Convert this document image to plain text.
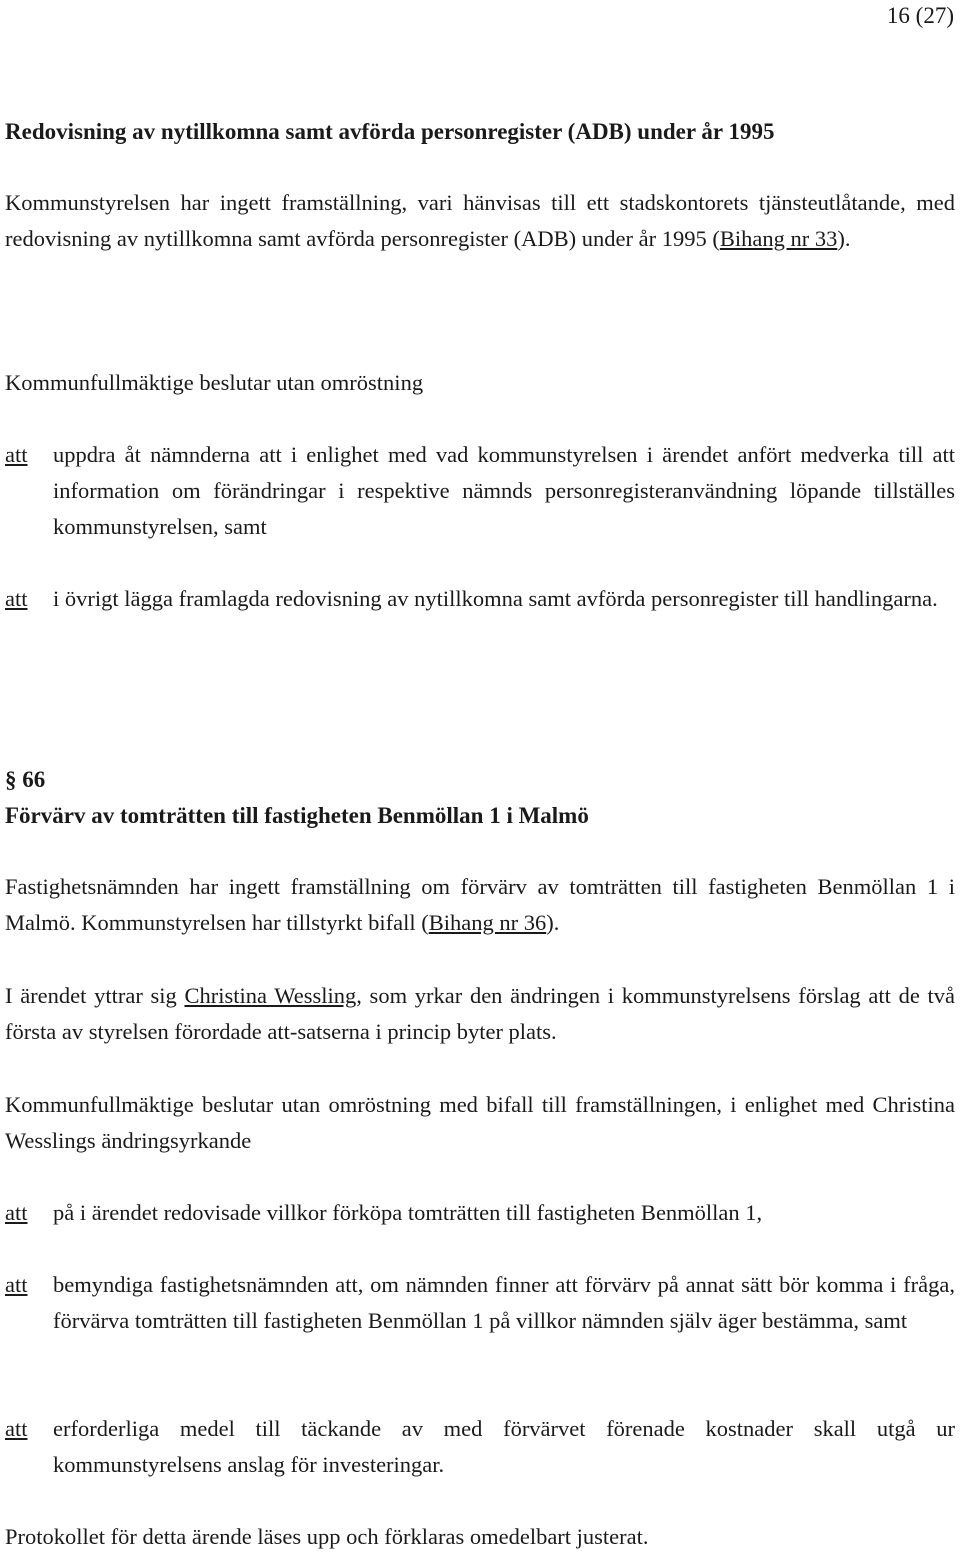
16 (27)
Redovisning av nytillkomna samt avförda personregister (ADB) under år 1995
Kommunstyrelsen har ingett framställning, vari hänvisas till ett stadskontorets tjänsteutlåtande, med redovisning av nytillkomna samt avförda personregister (ADB) under år 1995 (Bihang nr 33).
Kommunfullmäktige beslutar utan omröstning
att	uppdra åt nämnderna att i enlighet med vad kommunstyrelsen i ärendet anfört medverka till att information om förändringar i respektive nämnds personregisteranvändning löpande tillställes kommunstyrelsen, samt
att	i övrigt lägga framlagda redovisning av nytillkomna samt avförda personregister till handlingarna.
§ 66
Förvärv av tomträtten till fastigheten Benmöllan 1 i Malmö
Fastighetsnämnden har ingett framställning om förvärv av tomträtten till fastigheten Benmöllan 1 i Malmö. Kommunstyrelsen har tillstyrkt bifall (Bihang nr 36).
I ärendet yttrar sig Christina Wessling, som yrkar den ändringen i kommunstyrelsens förslag att de två första av styrelsen förordade att-satserna i princip byter plats.
Kommunfullmäktige beslutar utan omröstning med bifall till framställningen, i enlighet med Christina Wesslings ändringsyrkande
att	på i ärendet redovisade villkor förköpa tomträtten till fastigheten Benmöllan 1,
att	bemyndiga fastighetsnämnden att, om nämnden finner att förvärv på annat sätt bör komma i fråga, förvärva tomträtten till fastigheten Benmöllan 1 på villkor nämnden själv äger bestämma, samt
att	erforderliga medel till täckande av med förvärvet förenade kostnader skall utgå ur kommunstyrelsens anslag för investeringar.
Protokollet för detta ärende läses upp och förklaras omedelbart justerat.
